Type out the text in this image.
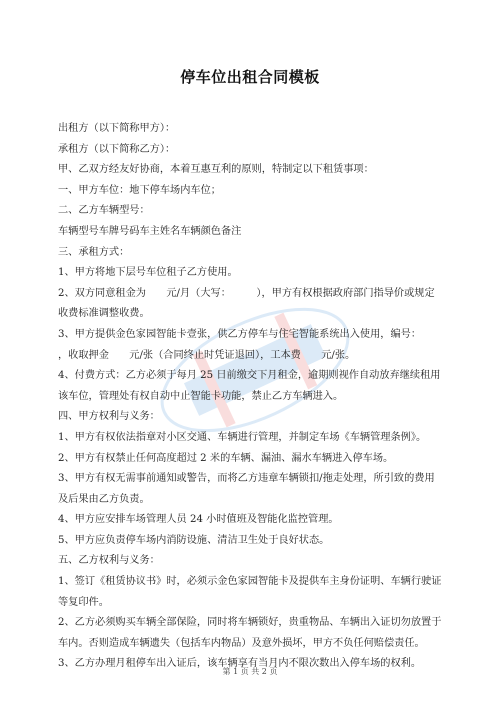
停车位出租合同模板
出租方（以下简称甲方）：
承租方（以下简称乙方）：
甲、乙双方经友好协商，本着互惠互利的原则，特制定以下租赁事项：
一、甲方车位：地下停车场内车位；
二、乙方车辆型号：
车辆型号车牌号码车主姓名车辆颜色备注
三、承租方式：
1、甲方将地下层号车位租子乙方使用。
2、双方同意租金为　　元/月（大写：　　　），甲方有权根据政府部门指导价或规定
收费标准调整收费。
3、甲方提供金色家园智能卡壹张，供乙方停车与住宅智能系统出入使用，编号：
，收取押金　　元/张（合同终止时凭证退回），工本费　　元/张。
4、付费方式：乙方必须于每月 25 日前缴交下月租金，逾期则视作自动放弃继续租用
该车位，管理处有权自动中止智能卡功能，禁止乙方车辆进入。
四、甲方权利与义务：
1、甲方有权依法指章对小区交通、车辆进行管理，并制定车场《车辆管理条例》。
2、甲方有权禁止任何高度超过 2 米的车辆、漏油、漏水车辆进入停车场。
3、甲方有权无需事前通知或警告，而将乙方违章车辆锁扣/拖走处理，所引致的费用
及后果由乙方负责。
4、甲方应安排车场管理人员 24 小时值班及智能化监控管理。
5、甲方应负责停车场内消防设施、清洁卫生处于良好状态。
五、乙方权利与义务：
1、签订《租赁协议书》时，必须示金色家园智能卡及提供车主身份证明、车辆行驶证
等复印件。
2、乙方必须购买车辆全部保险，同时将车辆锁好，贵重物品、车辆出入证切勿放置于
车内。否则造成车辆遗失（包括车内物品）及意外损坏，甲方不负任何赔偿责任。
3、乙方办理月租停车出入证后，该车辆享有当月内不限次数出入停车场的权利。
第 1 页 共 2 页
